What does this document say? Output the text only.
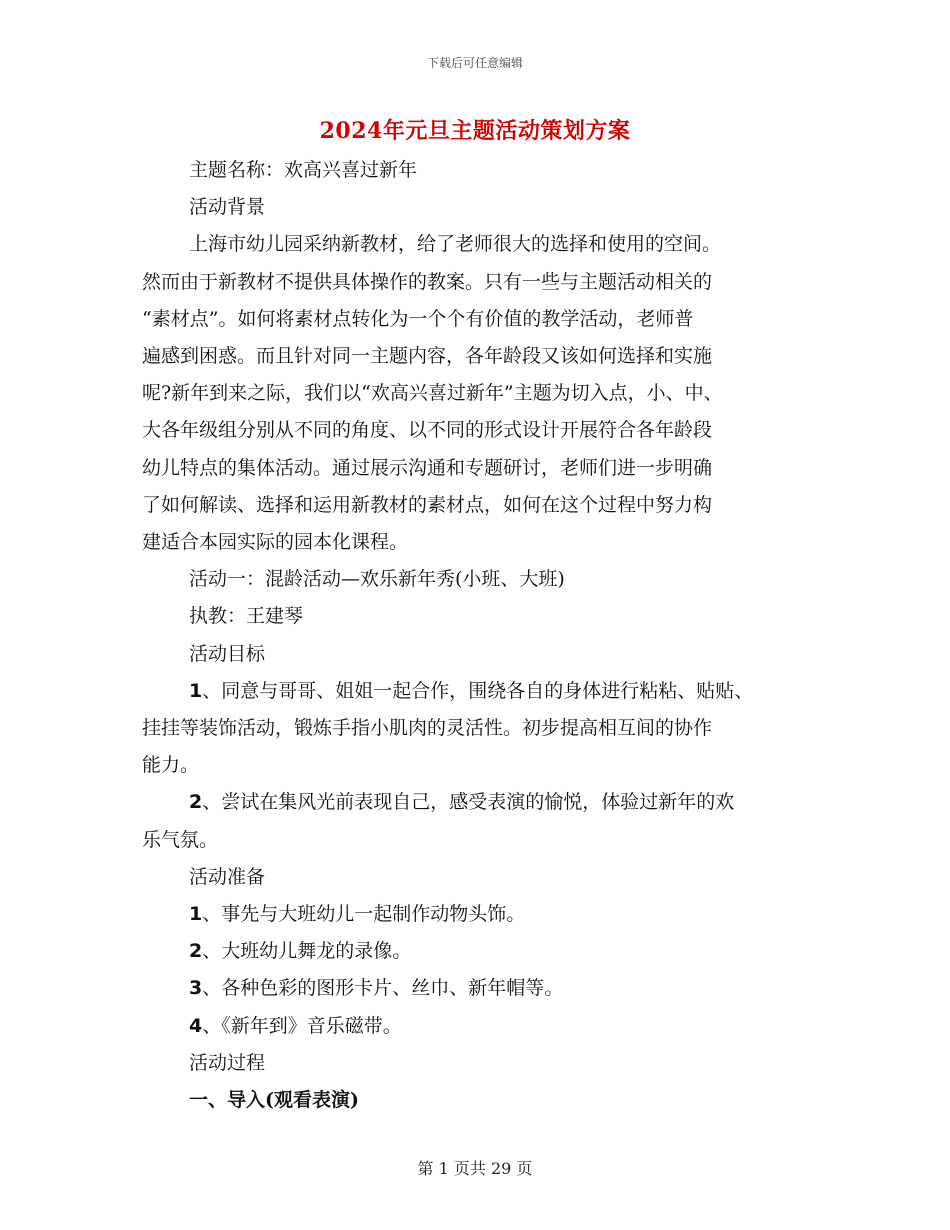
下载后可任意编辑
2024年元旦主题活动策划方案

主题名称：欢高兴喜过新年

活动背景

上海市幼儿园采纳新教材，给了老师很大的选择和使用的空间。

然而由于新教材不提供具体操作的教案。只有一些与主题活动相关的

“素材点”。如何将素材点转化为一个个有价值的教学活动，老师普

遍感到困惑。而且针对同一主题内容，各年龄段又该如何选择和实施

呢?新年到来之际，我们以“欢高兴喜过新年”主题为切入点，小、中、

大各年级组分别从不同的角度、以不同的形式设计开展符合各年龄段

幼儿特点的集体活动。通过展示沟通和专题研讨，老师们进一步明确

了如何解读、选择和运用新教材的素材点，如何在这个过程中努力构

建适合本园实际的园本化课程。

活动一：混龄活动—欢乐新年秀(小班、大班)

执教：王建琴

活动目标

1、同意与哥哥、姐姐一起合作，围绕各自的身体进行粘粘、贴贴、

挂挂等装饰活动，锻炼手指小肌肉的灵活性。初步提高相互间的协作

能力。

2、尝试在集风光前表现自己，感受表演的愉悦，体验过新年的欢

乐气氛。

活动准备

1、事先与大班幼儿一起制作动物头饰。

2、大班幼儿舞龙的录像。

3、各种色彩的图形卡片、丝巾、新年帽等。

4、《新年到》音乐磁带。

活动过程

一、导入(观看表演)

第 1 页共 29 页
